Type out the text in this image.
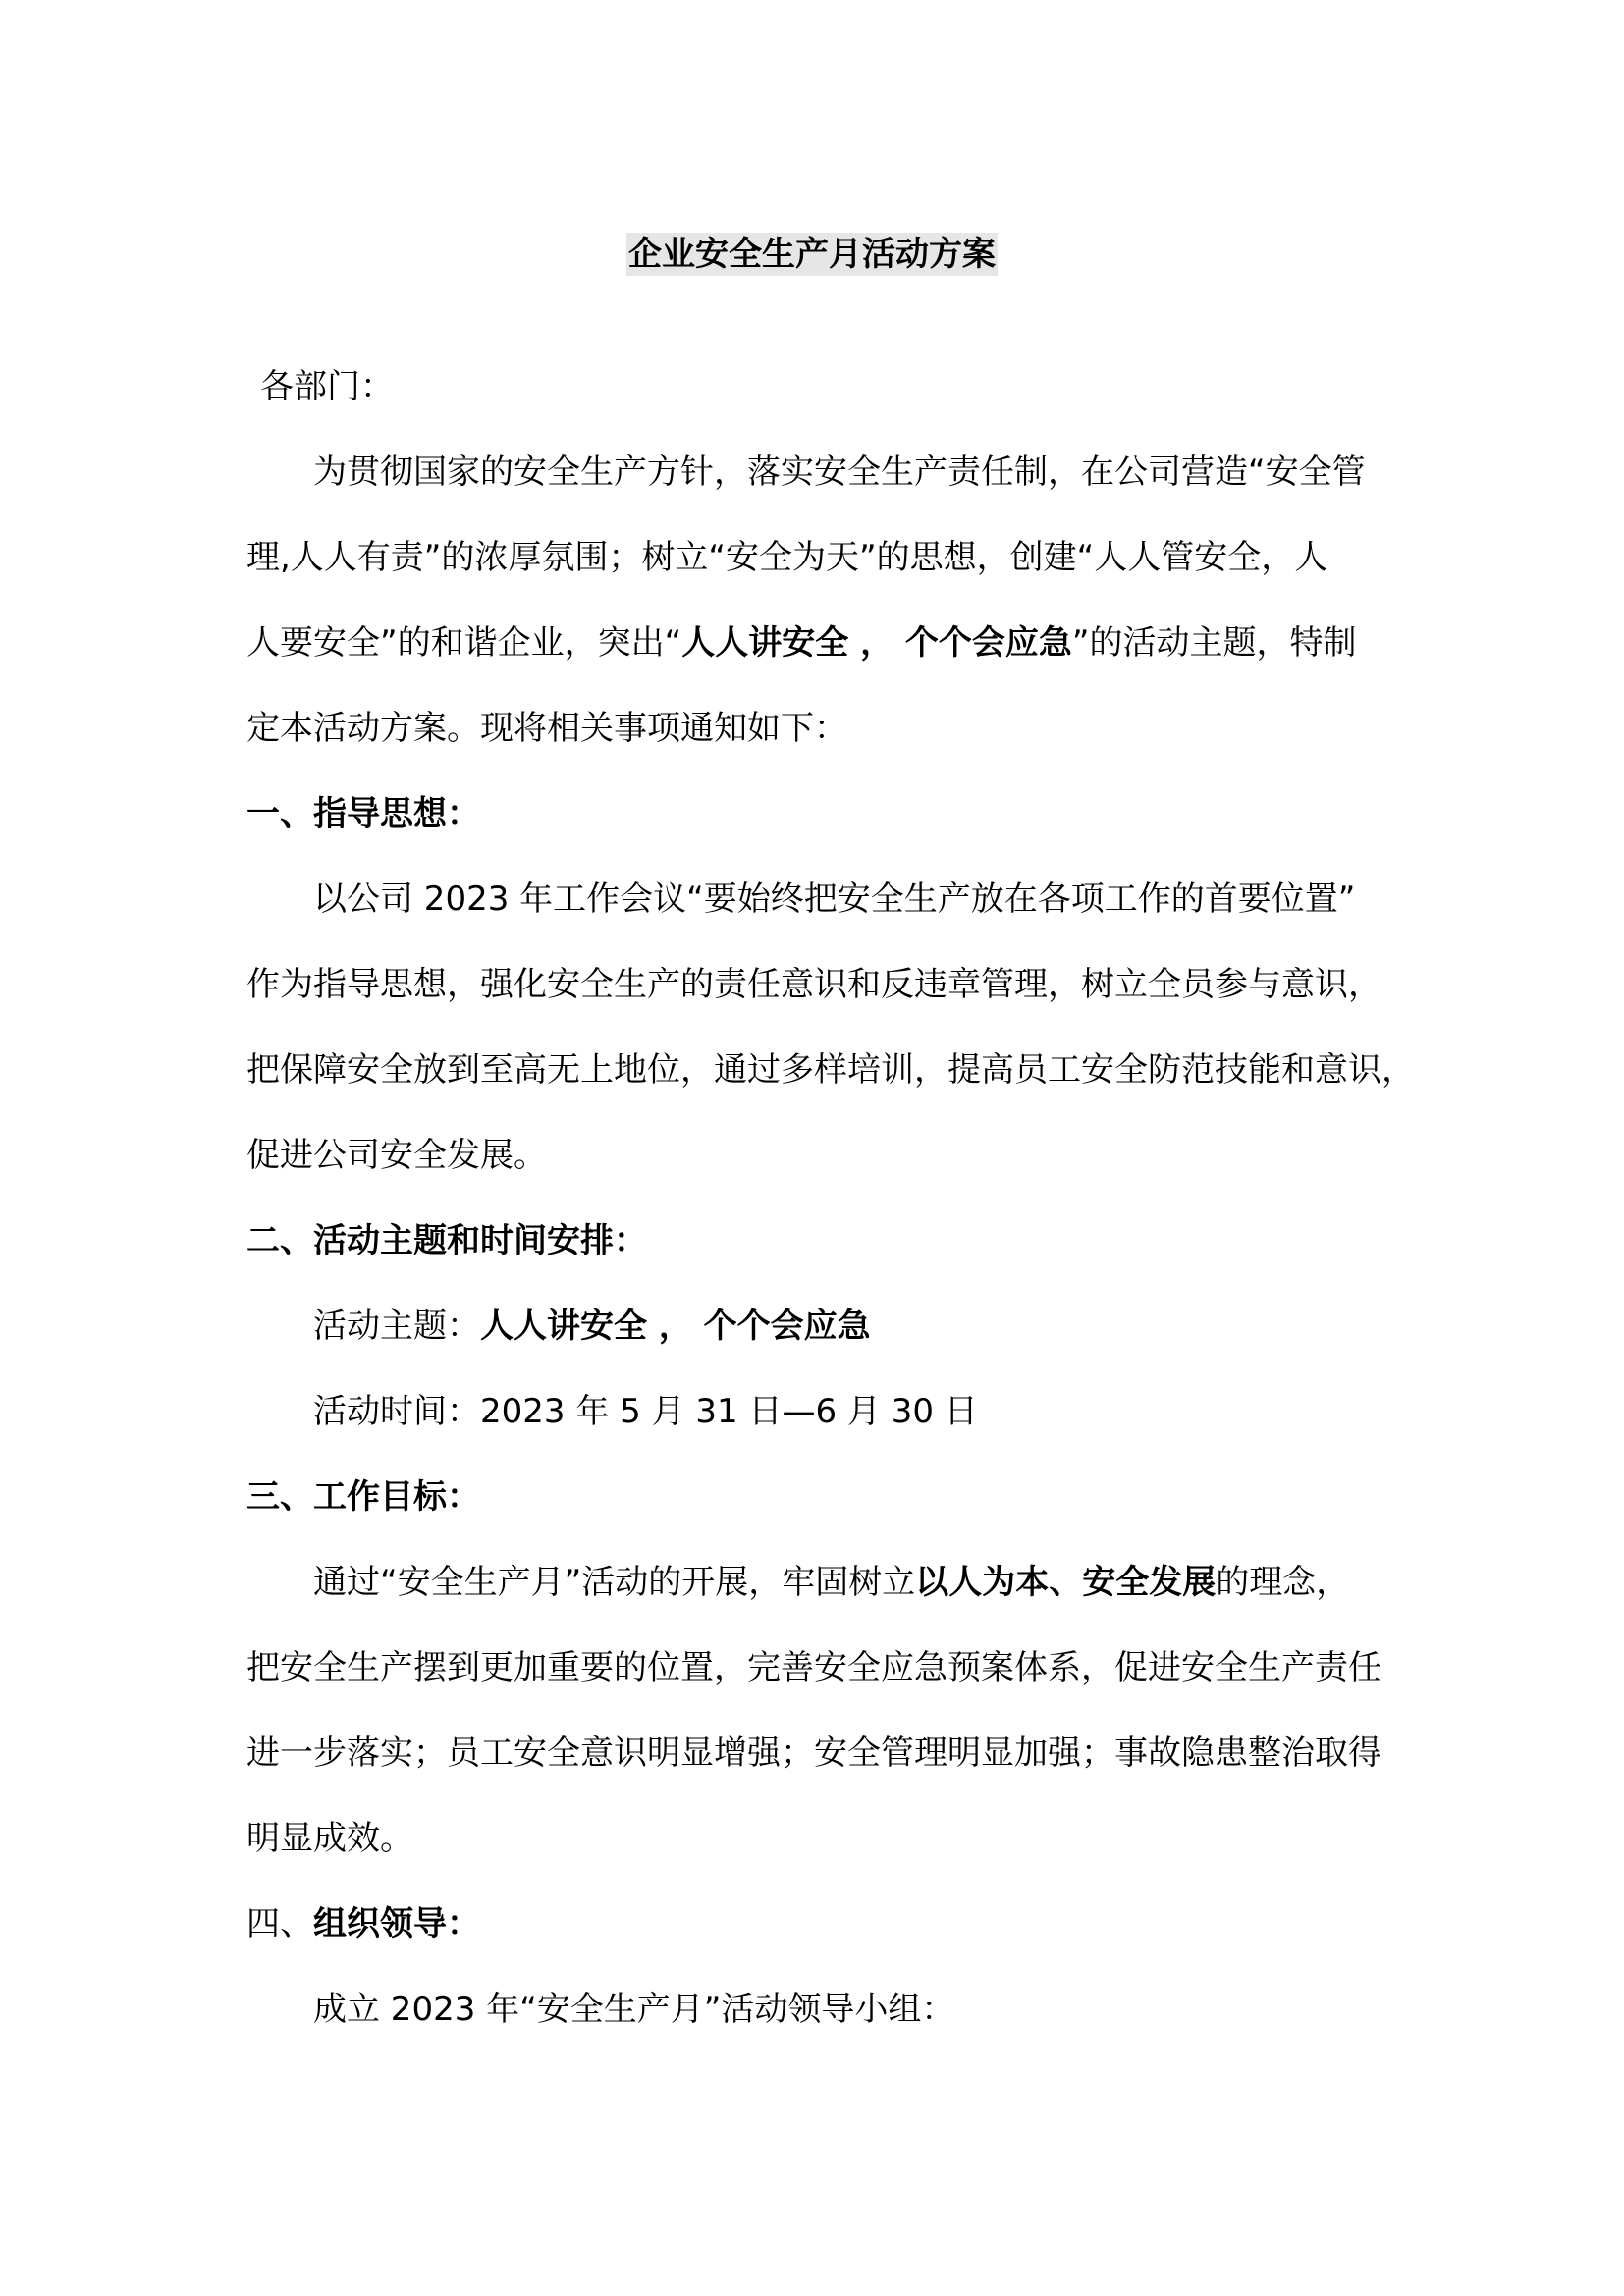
企业安全生产月活动方案
各部门：
为贯彻国家的安全生产方针，落实安全生产责任制，在公司营造“安全管
理,人人有责”的浓厚氛围；树立“安全为天”的思想，创建“人人管安全，人
人要安全”的和谐企业，突出“人人讲安全 ， 个个会应急”的活动主题，特制
定本活动方案。现将相关事项通知如下：
一、指导思想：
以公司 2023 年工作会议“要始终把安全生产放在各项工作的首要位置”
作为指导思想，强化安全生产的责任意识和反违章管理，树立全员参与意识，
把保障安全放到至高无上地位，通过多样培训，提高员工安全防范技能和意识，
促进公司安全发展。
二、活动主题和时间安排：
活动主题：人人讲安全 ， 个个会应急
活动时间：2023 年 5 月 31 日—6 月 30 日
三、工作目标：
通过“安全生产月”活动的开展，牢固树立以人为本、安全发展的理念，
把安全生产摆到更加重要的位置，完善安全应急预案体系，促进安全生产责任
进一步落实；员工安全意识明显增强；安全管理明显加强；事故隐患整治取得
明显成效。
四、组织领导：
成立 2023 年“安全生产月”活动领导小组：
